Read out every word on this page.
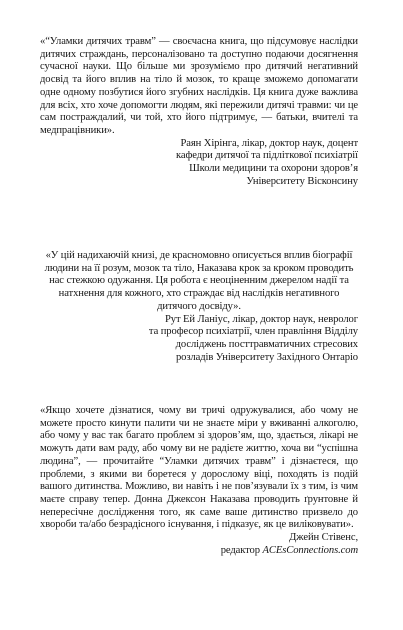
«“Уламки дитячих травм” — своєчасна книга, що підсумовує наслідки дитячих страждань, персоналізовано та доступно подаючи досягнення сучасної науки. Що більше ми зрозуміємо про дитячий негативний досвід та його вплив на тіло й мозок, то краще зможемо допомагати одне одному позбутися його згубних наслідків. Ця книга дуже важлива для всіх, хто хоче допомогти людям, які пережили дитячі травми: чи це сам постраждалий, чи той, хто його підтримує, — батьки, вчителі та медпрацівники».

Раян Хірінга, лікар, доктор наук, доцент
кафедри дитячої та підліткової психіатрії
Школи медицини та охорони здоров’я
Університету Вісконсину

«У цій надихаючій книзі, де красномовно описується вплив біографії людини на її розум, мозок та тіло, Наказава крок за кроком проводить нас стежкою одужання. Ця робота є неоціненним джерелом надії та натхнення для кожного, хто страждає від наслідків негативного дитячого досвіду».

Рут Ей Ланіус, лікар, доктор наук, невролог
та професор психіатрії, член правління Відділу
досліджень посттравматичних стресових
розладів Університету Західного Онтаріо

«Якщо хочете дізнатися, чому ви тричі одружувалися, або чому не можете просто кинути палити чи не знаєте міри у вживанні алкоголю, або чому у вас так багато проблем зі здоров’ям, що, здається, лікарі не можуть дати вам раду, або чому ви не радієте життю, хоча ви “успішна людина”, — прочитайте “Уламки дитячих травм” і дізнаєтеся, що проблеми, з якими ви боретеся у дорослому віці, походять із подій вашого дитинства. Можливо, ви навіть і не пов’язували їх з тим, із чим маєте справу тепер. Донна Джексон Наказава проводить ґрунтовне й непересічне дослідження того, як саме ваше дитинство призвело до хвороби та/або безрадісного існування, і підказує, як це виліковувати».

Джейн Стівенс,
редактор ACEsConnections.com
